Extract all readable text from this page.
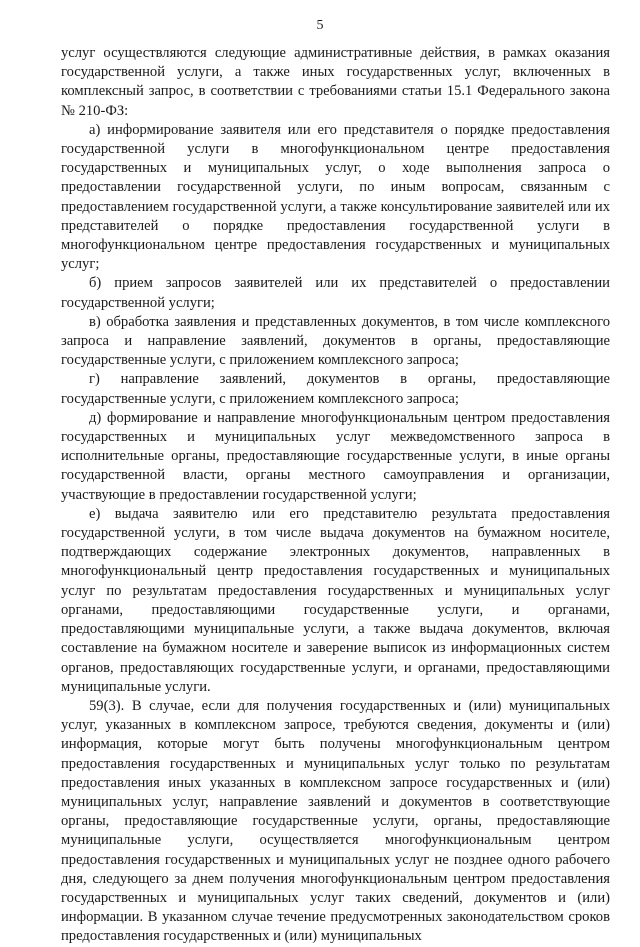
5

услуг осуществляются следующие административные действия, в рамках оказания государственной услуги, а также иных государственных услуг, включенных в комплексный запрос, в соответствии с требованиями статьи 15.1 Федерального закона № 210-ФЗ:

а) информирование заявителя или его представителя о порядке предоставления государственной услуги в многофункциональном центре предоставления государственных и муниципальных услуг, о ходе выполнения запроса о предоставлении государственной услуги, по иным вопросам, связанным с предоставлением государственной услуги, а также консультирование заявителей или их представителей о порядке предоставления государственной услуги в многофункциональном центре предоставления государственных и муниципальных услуг;

б) прием запросов заявителей или их представителей о предоставлении государственной услуги;

в) обработка заявления и представленных документов, в том числе комплексного запроса и направление заявлений, документов в органы, предоставляющие государственные услуги, с приложением комплексного запроса;

г) направление заявлений, документов в органы, предоставляющие государственные услуги, с приложением комплексного запроса;

д) формирование и направление многофункциональным центром предоставления государственных и муниципальных услуг межведомственного запроса в исполнительные органы, предоставляющие государственные услуги, в иные органы государственной власти, органы местного самоуправления и организации, участвующие в предоставлении государственной услуги;

е) выдача заявителю или его представителю результата предоставления государственной услуги, в том числе выдача документов на бумажном носителе, подтверждающих содержание электронных документов, направленных в многофункциональный центр предоставления государственных и муниципальных услуг по результатам предоставления государственных и муниципальных услуг органами, предоставляющими государственные услуги, и органами, предоставляющими муниципальные услуги, а также выдача документов, включая составление на бумажном носителе и заверение выписок из информационных систем органов, предоставляющих государственные услуги, и органами, предоставляющими муниципальные услуги.

59(3). В случае, если для получения государственных и (или) муниципальных услуг, указанных в комплексном запросе, требуются сведения, документы и (или) информация, которые могут быть получены многофункциональным центром предоставления государственных и муниципальных услуг только по результатам предоставления иных указанных в комплексном запросе государственных и (или) муниципальных услуг, направление заявлений и документов в соответствующие органы, предоставляющие государственные услуги, органы, предоставляющие муниципальные услуги, осуществляется многофункциональным центром предоставления государственных и муниципальных услуг не позднее одного рабочего дня, следующего за днем получения многофункциональным центром предоставления государственных и муниципальных услуг таких сведений, документов и (или) информации. В указанном случае течение предусмотренных законодательством сроков предоставления государственных и (или) муниципальных
